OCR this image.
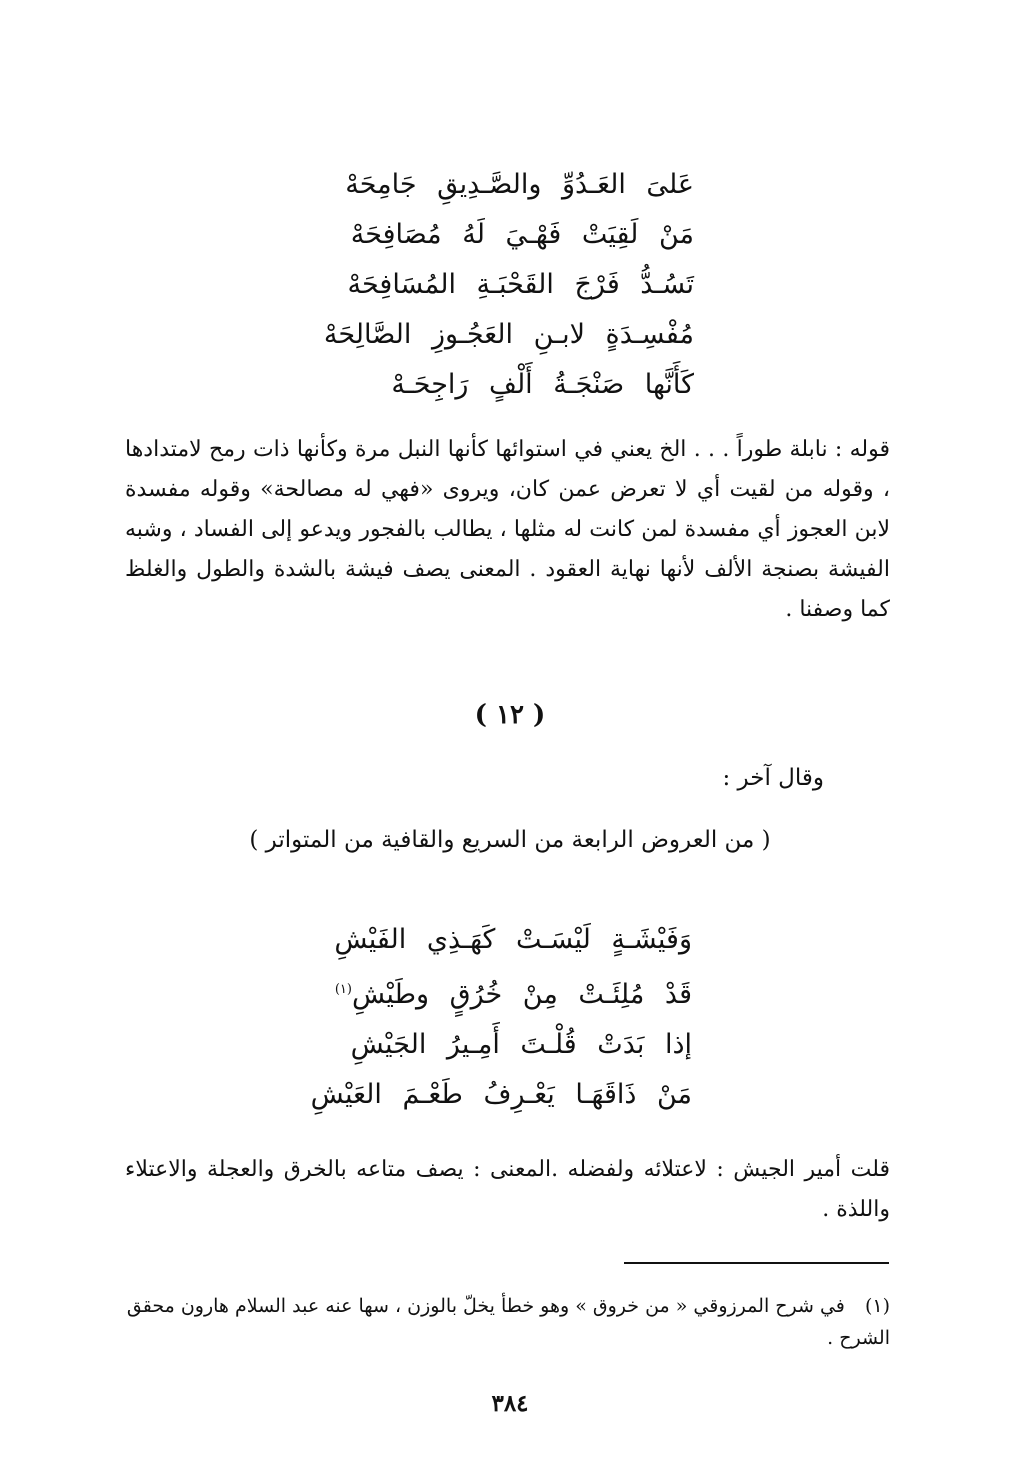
عَلىَ العَـدُوِّ والصَّـدِيقِ جَامِحَهْ
مَنْ لَقِيَتْ فَهْـيَ لَهُ مُصَافِحَهْ
تَسُـدُّ فَرْجَ القَحْبَـةِ المُسَافِحَهْ
مُفْسِـدَةٍ لابـنِ العَجُـوزِ الصَّالِحَهْ
كَأَنَّها صَنْجَـةُ أَلْفٍ رَاجِحَـهْ
قوله : نابلة طوراً . . . الخ يعني في استوائها كأنها النبل مرة وكأنها ذات رمح لامتدادها ، وقوله من لقيت أي لا تعرض عمن كان، ويروى «فهي له مصالحة» وقوله مفسدة لابن العجوز أي مفسدة لمن كانت له مثلها ، يطالب بالفجور ويدعو إلى الفساد ، وشبه الفيشة بصنجة الألف لأنها نهاية العقود . المعنى يصف فيشة بالشدة والطول والغلظ كما وصفنا .
( ١٢ )
وقال آخر :
( من العروض الرابعة من السريع والقافية من المتواتر )
وَفَيْشَـةٍ لَيْسَـتْ كَهَـذِي الفَيْشِ
قَدْ مُلِئَـتْ مِنْ خُرُقٍ وطَيْشِ$^{(١)}$
إذا بَدَتْ قُلْـتَ أَمِـيرُ الجَيْشِ
مَنْ ذَاقَهَـا يَعْـرِفُ طَعْـمَ العَيْشِ
قلت أمير الجيش : لاعتلائه ولفضله .المعنى : يصف متاعه بالخرق والعجلة والاعتلاء واللذة .
(١) في شرح المرزوقي « من خروق » وهو خطأ يخلّ بالوزن ، سها عنه عبد السلام هارون محقق الشرح .
٣٨٤
